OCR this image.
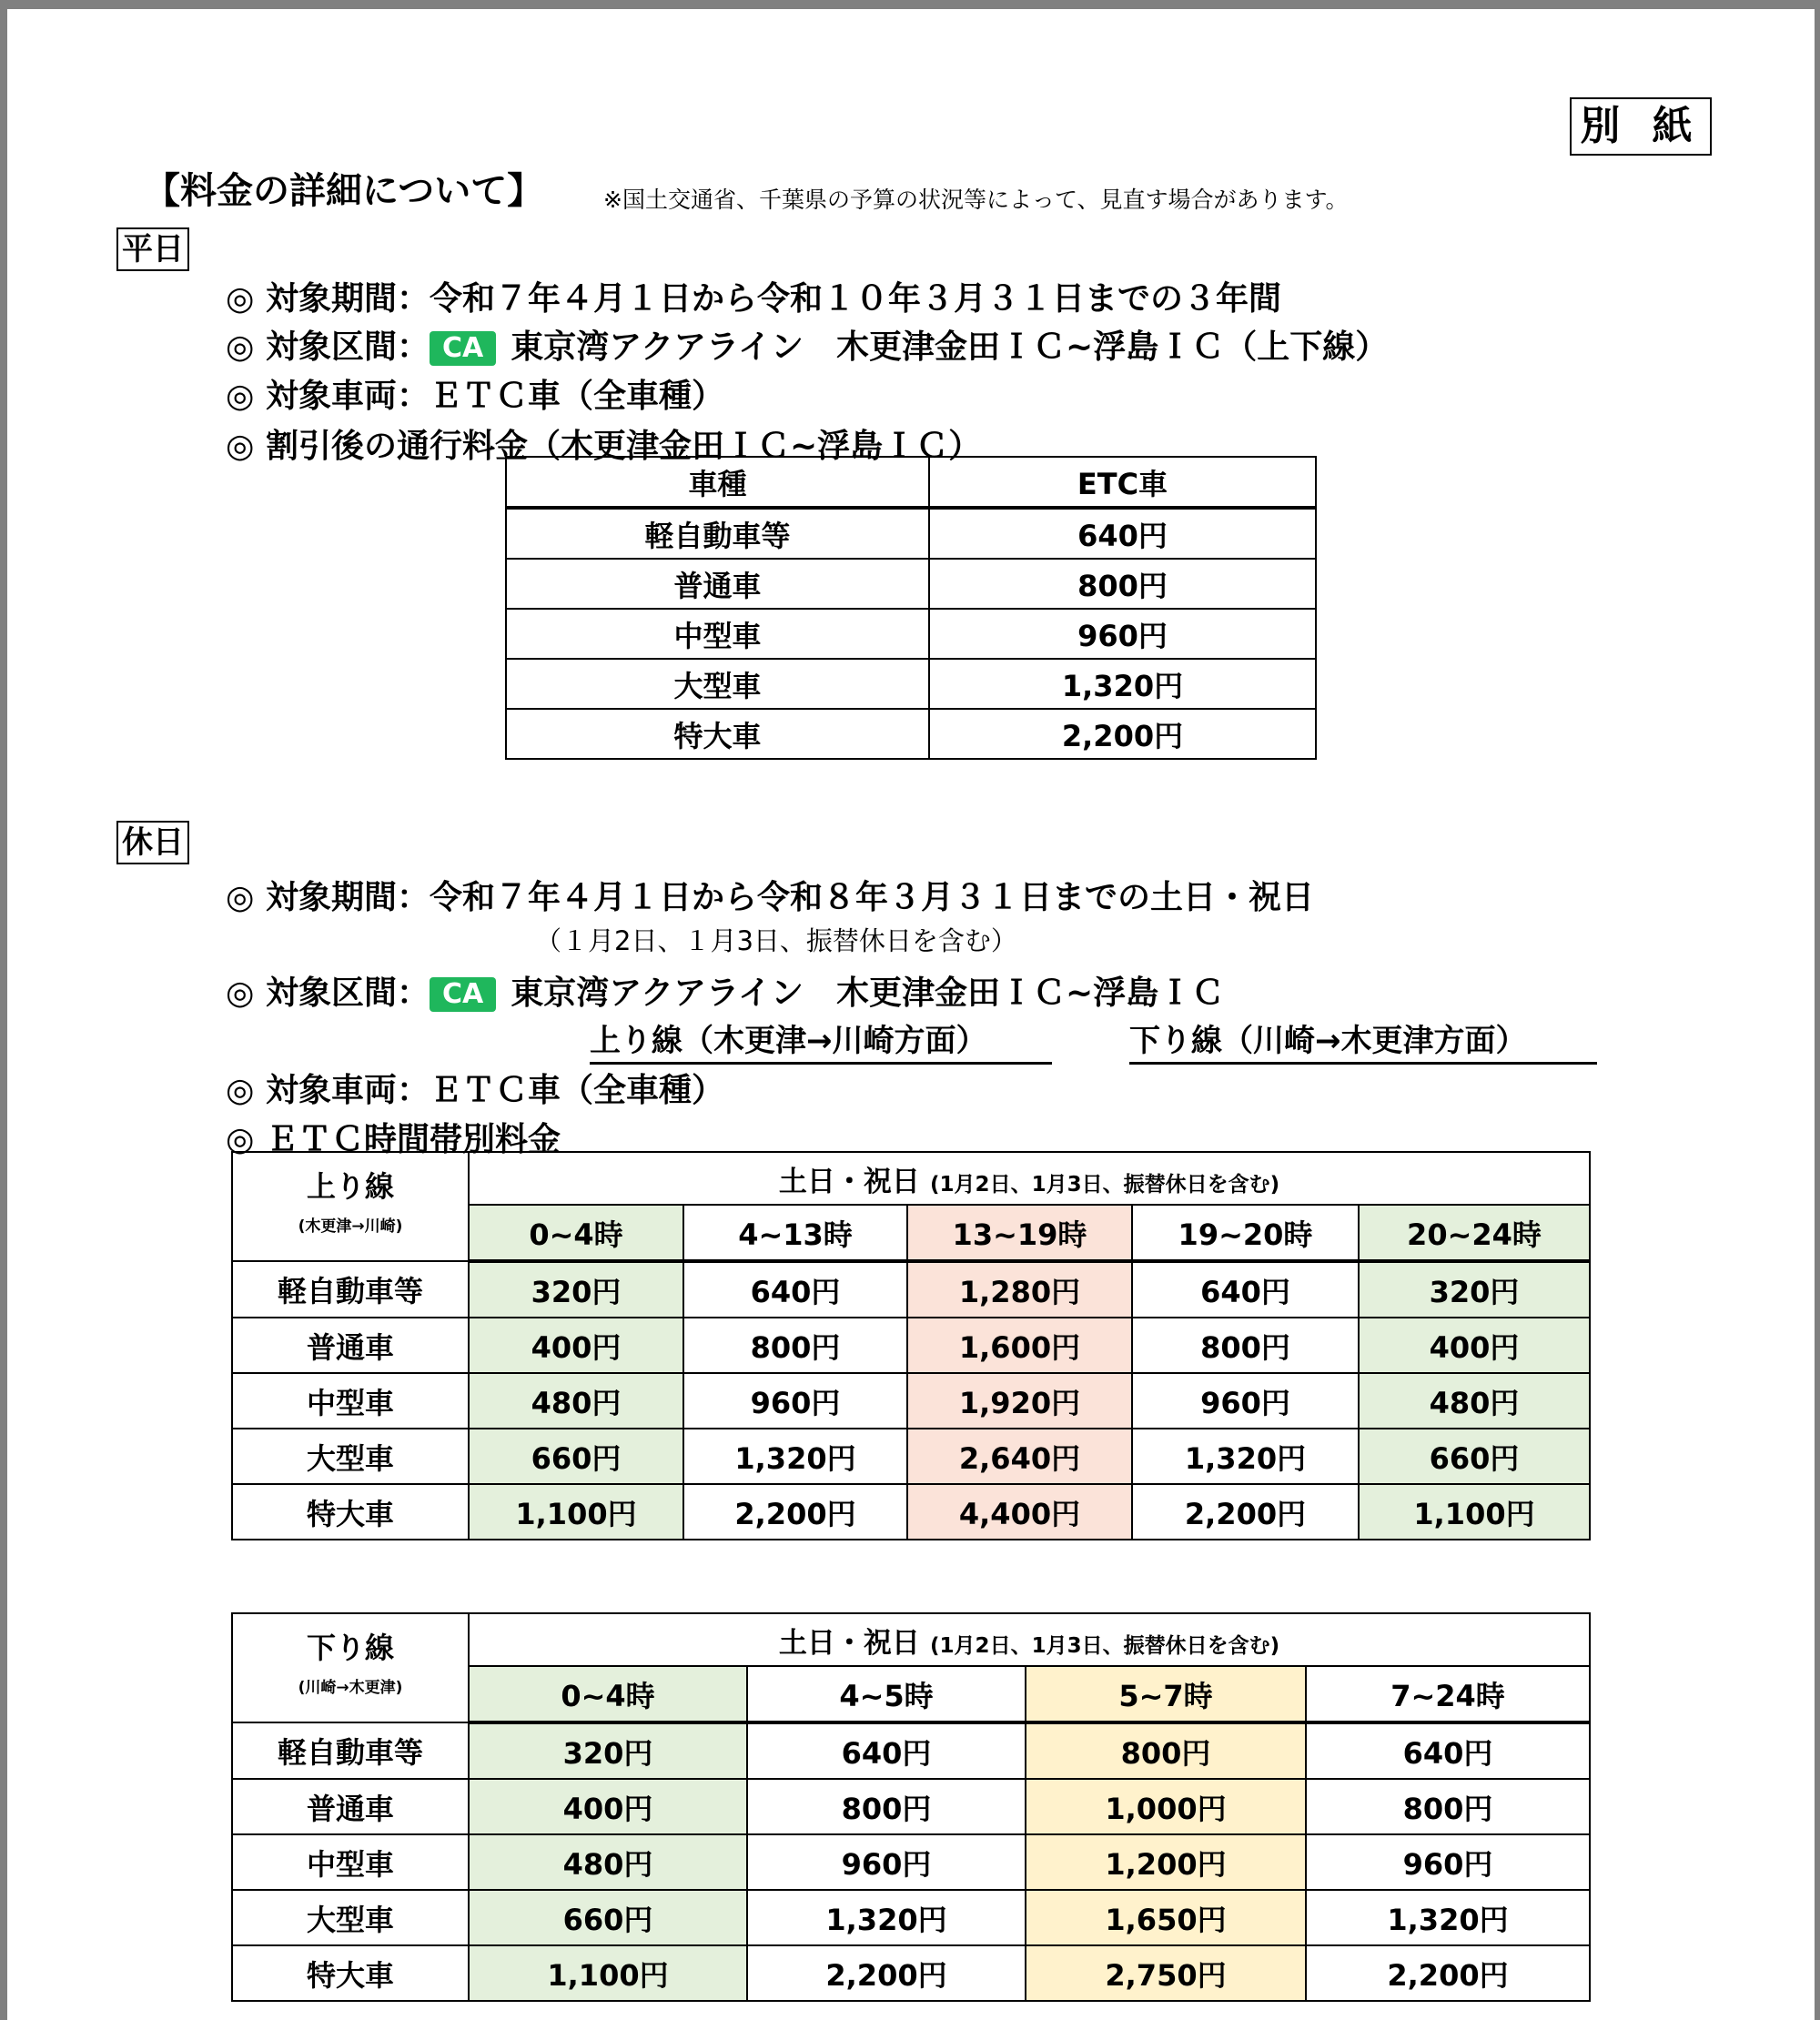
別 紙
【料金の詳細について】	※国土交通省、千葉県の予算の状況等によって、見直す場合があります。
平日
◎ 対象期間：令和７年４月１日から令和１０年３月３１日までの３年間
◎ 対象区間： CA 東京湾アクアライン　木更津金田ＩＣ~浮島ＩＣ（上下線）
◎ 対象車両：ＥＴＣ車（全車種）
◎ 割引後の通行料金（木更津金田ＩＣ~浮島ＩＣ）
車種	ETC車
軽自動車等	640円
普通車	800円
中型車	960円
大型車	1,320円
特大車	2,200円
休日
◎ 対象期間：令和７年４月１日から令和８年３月３１日までの土日・祝日
（１月2日、１月3日、振替休日を含む）
◎ 対象区間： CA 東京湾アクアライン　木更津金田ＩＣ~浮島ＩＣ
上り線（木更津→川崎方面）	下り線（川崎→木更津方面）
◎ 対象車両：ＥＴＣ車（全車種）
◎ ＥＴＣ時間帯別料金
上り線
(木更津→川崎)	土日・祝日 (1月2日、1月3日、振替休日を含む)				
	0~4時	4~13時	13~19時	19~20時	20~24時
軽自動車等	320円	640円	1,280円	640円	320円
普通車	400円	800円	1,600円	800円	400円
中型車	480円	960円	1,920円	960円	480円
大型車	660円	1,320円	2,640円	1,320円	660円
特大車	1,100円	2,200円	4,400円	2,200円	1,100円
下り線
(川崎→木更津)	土日・祝日 (1月2日、1月3日、振替休日を含む)			
	0~4時	4~5時	5~7時	7~24時
軽自動車等	320円	640円	800円	640円
普通車	400円	800円	1,000円	800円
中型車	480円	960円	1,200円	960円
大型車	660円	1,320円	1,650円	1,320円
特大車	1,100円	2,200円	2,750円	2,200円
